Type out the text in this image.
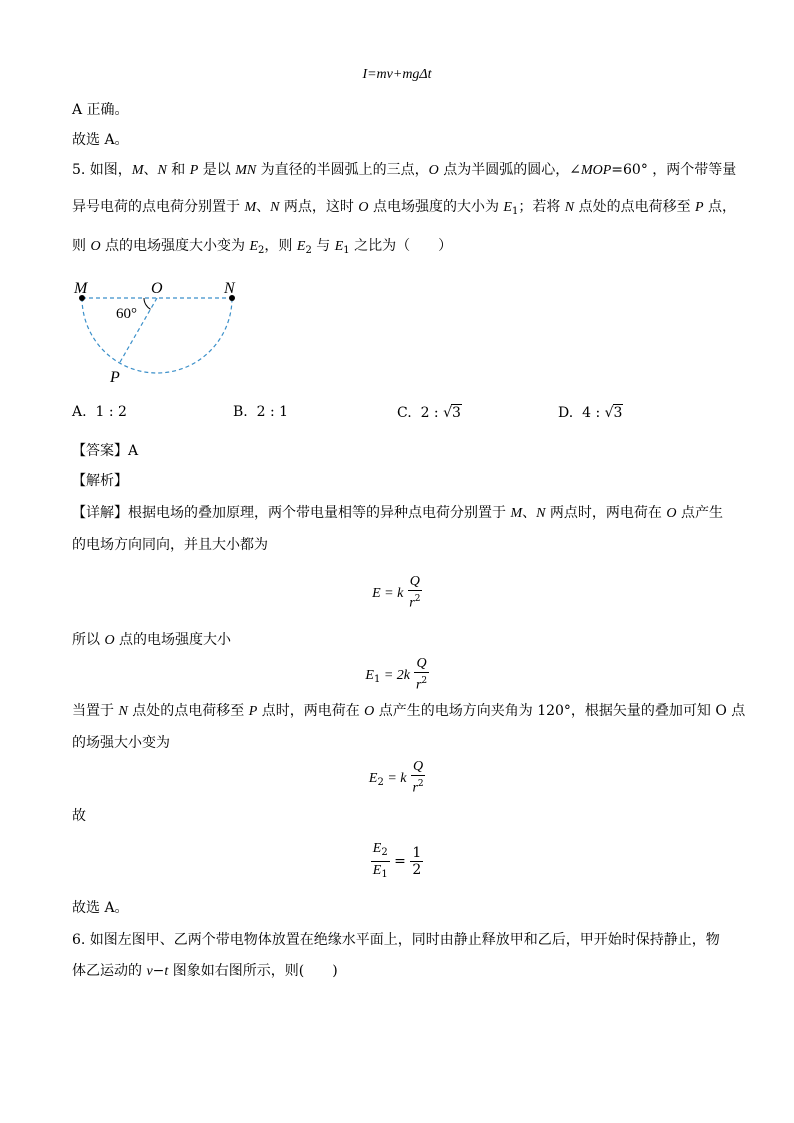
I=mv+mgΔt
A 正确。
故选 A。
5. 如图，M、N 和 P 是以 MN 为直径的半圆弧上的三点，O 点为半圆弧的圆心，∠MOP=60° ，两个带等量
异号电荷的点电荷分别置于 M、N 两点，这时 O 点电场强度的大小为 $E_1$；若将 N 点处的点电荷移至 P 点，
则 O 点的电场强度大小变为 $E_2$，则 $E_2$ 与 $E_1$ 之比为（　　）
M	O	N
P
60°
A. 1 : 2	B. 2 : 1	C. 2 : √3	D. 4 : √3
【答案】A
【解析】
【详解】根据电场的叠加原理，两个带电量相等的异种点电荷分别置于 M、N 两点时，两电荷在 O 点产生
的电场方向同向，并且大小都为
E = k $\frac{Q}{r^2}$
所以 O 点的电场强度大小
$E_1 = 2k \frac{Q}{r^2}$
当置于 N 点处的点电荷移至 P 点时，两电荷在 O 点产生的电场方向夹角为 120°，根据矢量的叠加可知 O 点
的场强大小变为
$E_2 = k \frac{Q}{r^2}$
故
$\frac{E_2}{E_1} = \frac{1}{2}$
故选 A。
6. 如图左图甲、乙两个带电物体放置在绝缘水平面上，同时由静止释放甲和乙后，甲开始时保持静止，物
体乙运动的 v−t 图象如右图所示，则(　　)
